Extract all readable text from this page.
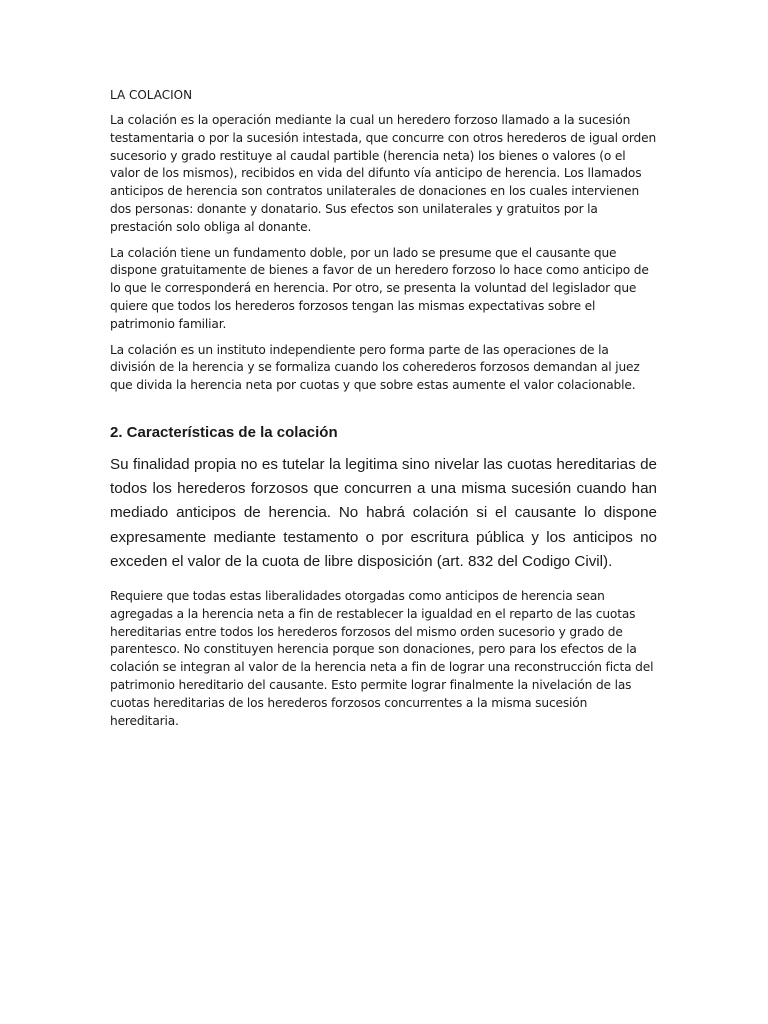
LA COLACION

La colación es la operación mediante la cual un heredero forzoso llamado a la sucesión testamentaria o por la sucesión intestada, que concurre con otros herederos de igual orden sucesorio y grado restituye al caudal partible (herencia neta) los bienes o valores (o el valor de los mismos), recibidos en vida del difunto vía anticipo de herencia. Los llamados anticipos de herencia son contratos unilaterales de donaciones en los cuales intervienen dos personas: donante y donatario. Sus efectos son unilaterales y gratuitos por la prestación solo obliga al donante.

La colación tiene un fundamento doble, por un lado se presume que el causante que dispone gratuitamente de bienes a favor de un heredero forzoso lo hace como anticipo de lo que le corresponderá en herencia. Por otro, se presenta la voluntad del legislador que quiere que todos los herederos forzosos tengan las mismas expectativas sobre el patrimonio familiar.

La colación es un instituto independiente pero forma parte de las operaciones de la división de la herencia y se formaliza cuando los coherederos forzosos demandan al juez que divida la herencia neta por cuotas y que sobre estas aumente el valor colacionable.

2. Características de la colación

Su finalidad propia no es tutelar la legitima sino nivelar las cuotas hereditarias de todos los herederos forzosos que concurren a una misma sucesión cuando han mediado anticipos de herencia. No habrá colación si el causante lo dispone expresamente mediante testamento o por escritura pública y los anticipos no exceden el valor de la cuota de libre disposición (art. 832 del Codigo Civil).

Requiere que todas estas liberalidades otorgadas como anticipos de herencia sean agregadas a la herencia neta a fin de restablecer la igualdad en el reparto de las cuotas hereditarias entre todos los herederos forzosos del mismo orden sucesorio y grado de parentesco. No constituyen herencia porque son donaciones, pero para los efectos de la colación se integran al valor de la herencia neta a fin de lograr una reconstrucción ficta del patrimonio hereditario del causante. Esto permite lograr finalmente la nivelación de las cuotas hereditarias de los herederos forzosos concurrentes a la misma sucesión hereditaria.
